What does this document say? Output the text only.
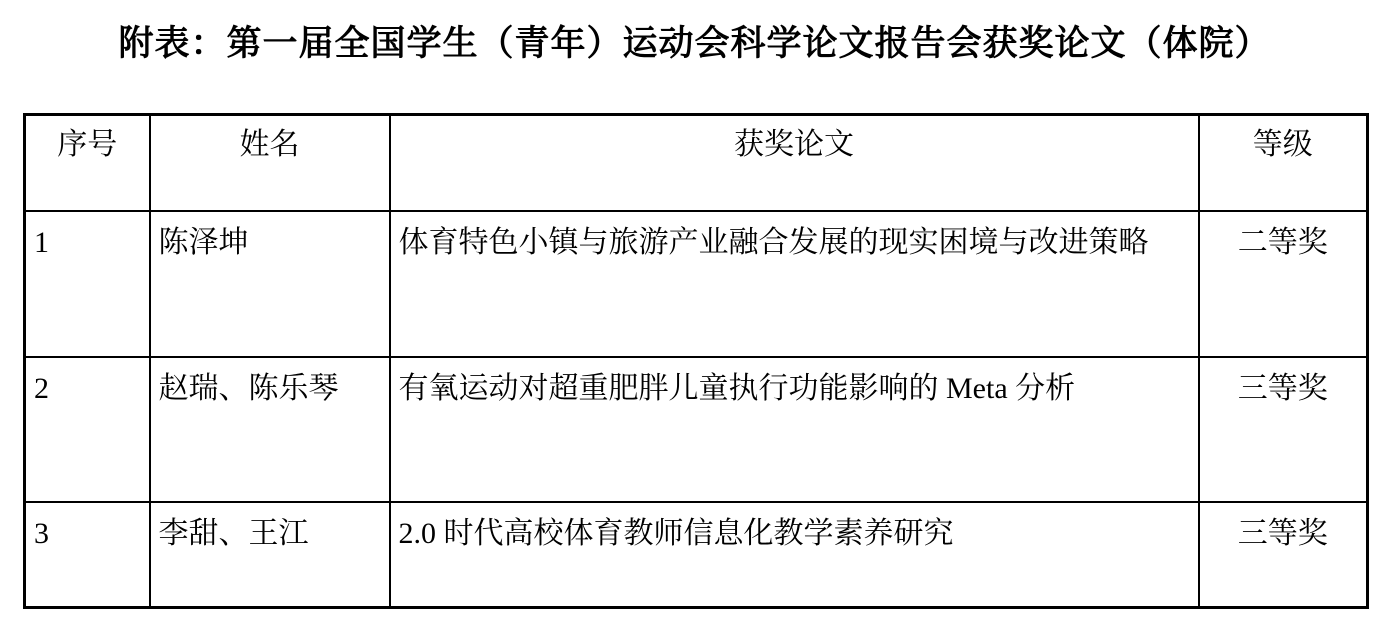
附表：第一届全国学生（青年）运动会科学论文报告会获奖论文（体院）
序号	姓名	获奖论文	等级
1	陈泽坤	体育特色小镇与旅游产业融合发展的现实困境与改进策略	二等奖
2	赵瑞、陈乐琴	有氧运动对超重肥胖儿童执行功能影响的 Meta 分析	三等奖
3	李甜、王江	2.0 时代高校体育教师信息化教学素养研究	三等奖
